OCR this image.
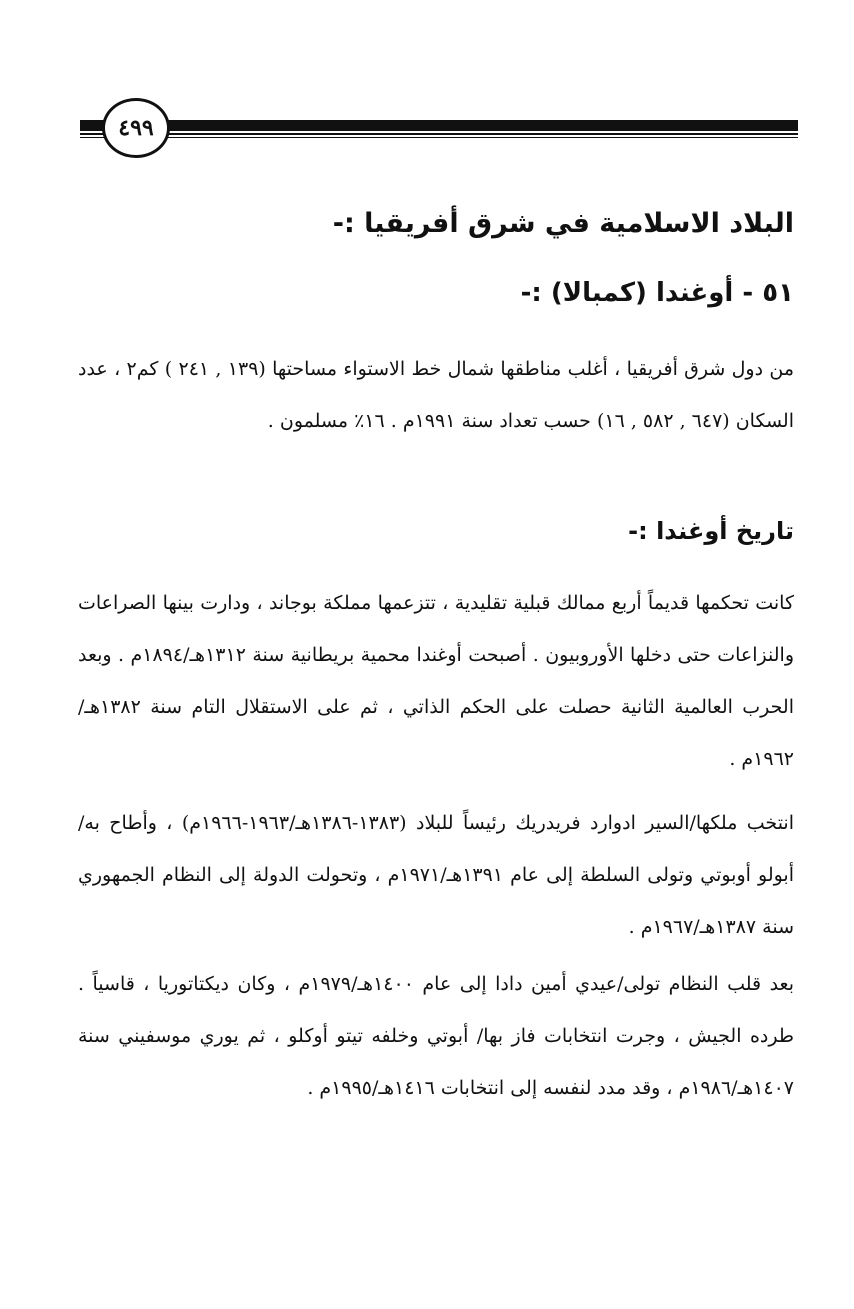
٤٩٩
البلاد الاسلامية في شرق أفريقيا :-
٥١ - أوغندا (كمبالا) :-
من دول شرق أفريقيا ، أغلب مناطقها شمال خط الاستواء مساحتها (١٣٩ , ٢٤١ ) كم٢ ، عدد السكان (٦٤٧ , ٥٨٢ , ١٦) حسب تعداد سنة ١٩٩١م . ١٦٪ مسلمون .
تاريخ أوغندا :-
كانت تحكمها قديماً أربع ممالك قبلية تقليدية ، تتزعمها مملكة بوجاند ، ودارت بينها الصراعات والنزاعات حتى دخلها الأوروبيون . أصبحت أوغندا محمية بريطانية سنة ١٣١٢هـ/١٨٩٤م . وبعد الحرب العالمية الثانية حصلت على الحكم الذاتي ، ثم على الاستقلال التام سنة ١٣٨٢هـ/١٩٦٢م .
انتخب ملكها/السير ادوارد فريدريك رئيساً للبلاد (١٣٨٣-١٣٨٦هـ/١٩٦٣-١٩٦٦م) ، وأطاح به/أبولو أوبوتي وتولى السلطة إلى عام ١٣٩١هـ/١٩٧١م ، وتحولت الدولة إلى النظام الجمهوري سنة ١٣٨٧هـ/١٩٦٧م .
بعد قلب النظام تولى/عيدي أمين دادا إلى عام ١٤٠٠هـ/١٩٧٩م ، وكان ديكتاتوريا ، قاسياً . طرده الجيش ، وجرت انتخابات فاز بها/ أبوتي وخلفه تيتو أوكلو ، ثم يوري موسفيني سنة ١٤٠٧هـ/١٩٨٦م ، وقد مدد لنفسه إلى انتخابات ١٤١٦هـ/١٩٩٥م .
